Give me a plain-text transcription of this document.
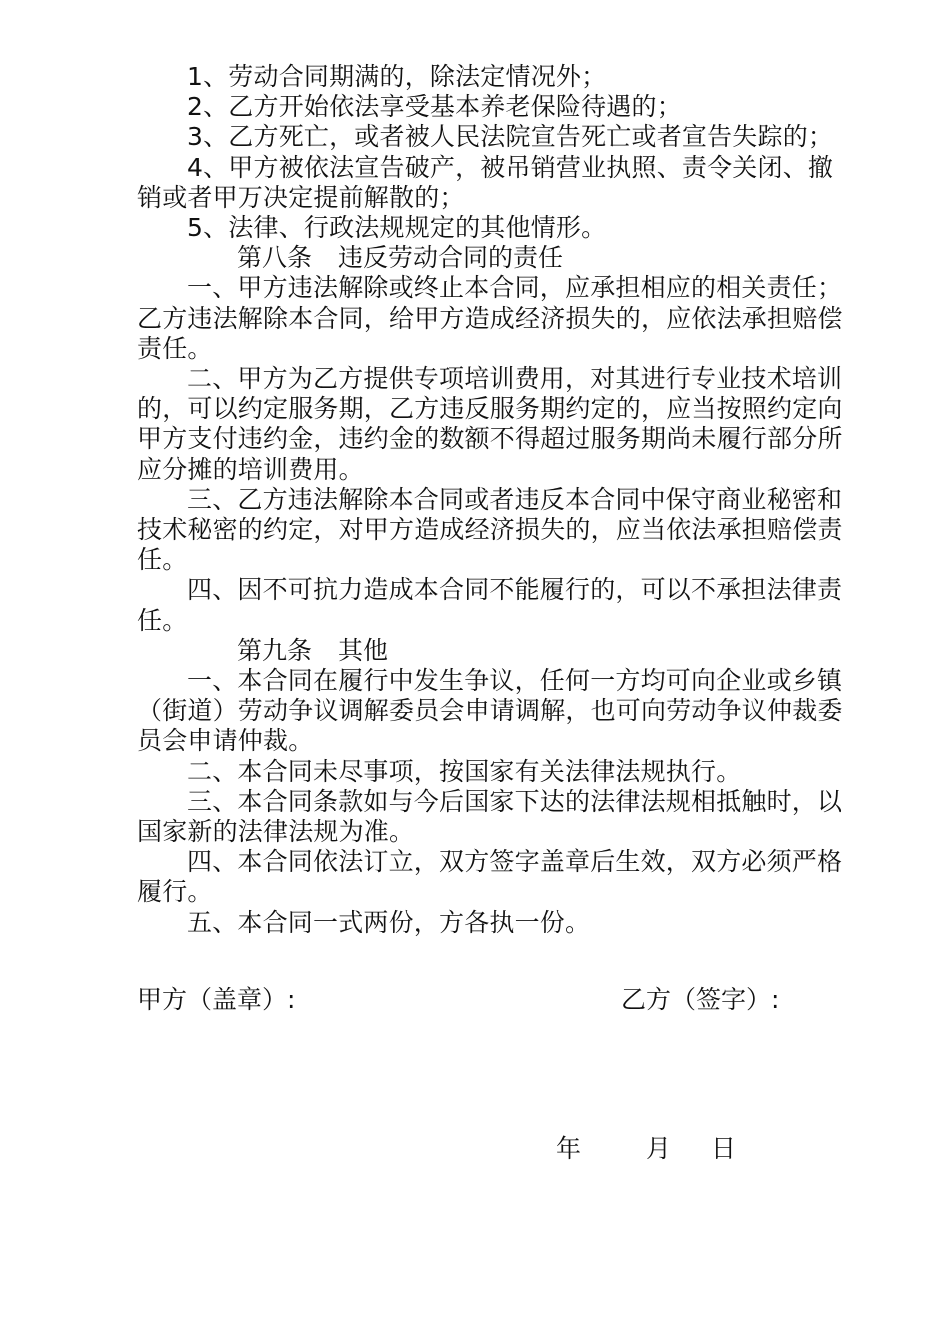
1、劳动合同期满的，除法定情况外；

2、乙方开始依法享受基本养老保险待遇的；

3、乙方死亡，或者被人民法院宣告死亡或者宣告失踪的；

4、甲方被依法宣告破产，被吊销营业执照、责令关闭、撤销或者甲万决定提前解散的；

5、法律、行政法规规定的其他情形。

第八条 违反劳动合同的责任

一、甲方违法解除或终止本合同，应承担相应的相关责任；乙方违法解除本合同，给甲方造成经济损失的，应依法承担赔偿责任。

二、甲方为乙方提供专项培训费用，对其进行专业技术培训的，可以约定服务期，乙方违反服务期约定的，应当按照约定向甲方支付违约金，违约金的数额不得超过服务期尚未履行部分所应分摊的培训费用。

三、乙方违法解除本合同或者违反本合同中保守商业秘密和技术秘密的约定，对甲方造成经济损失的，应当依法承担赔偿责任。

四、因不可抗力造成本合同不能履行的，可以不承担法律责任。

第九条 其他

一、本合同在履行中发生争议，任何一方均可向企业或乡镇（街道）劳动争议调解委员会申请调解，也可向劳动争议仲裁委员会申请仲裁。

二、本合同未尽事项，按国家有关法律法规执行。

三、本合同条款如与今后国家下达的法律法规相抵触时，以国家新的法律法规为准。

四、本合同依法订立，双方签字盖章后生效，双方必须严格履行。

五、本合同一式两份，方各执一份。

甲方（盖章）:	乙方（签字）:
年	月 日
